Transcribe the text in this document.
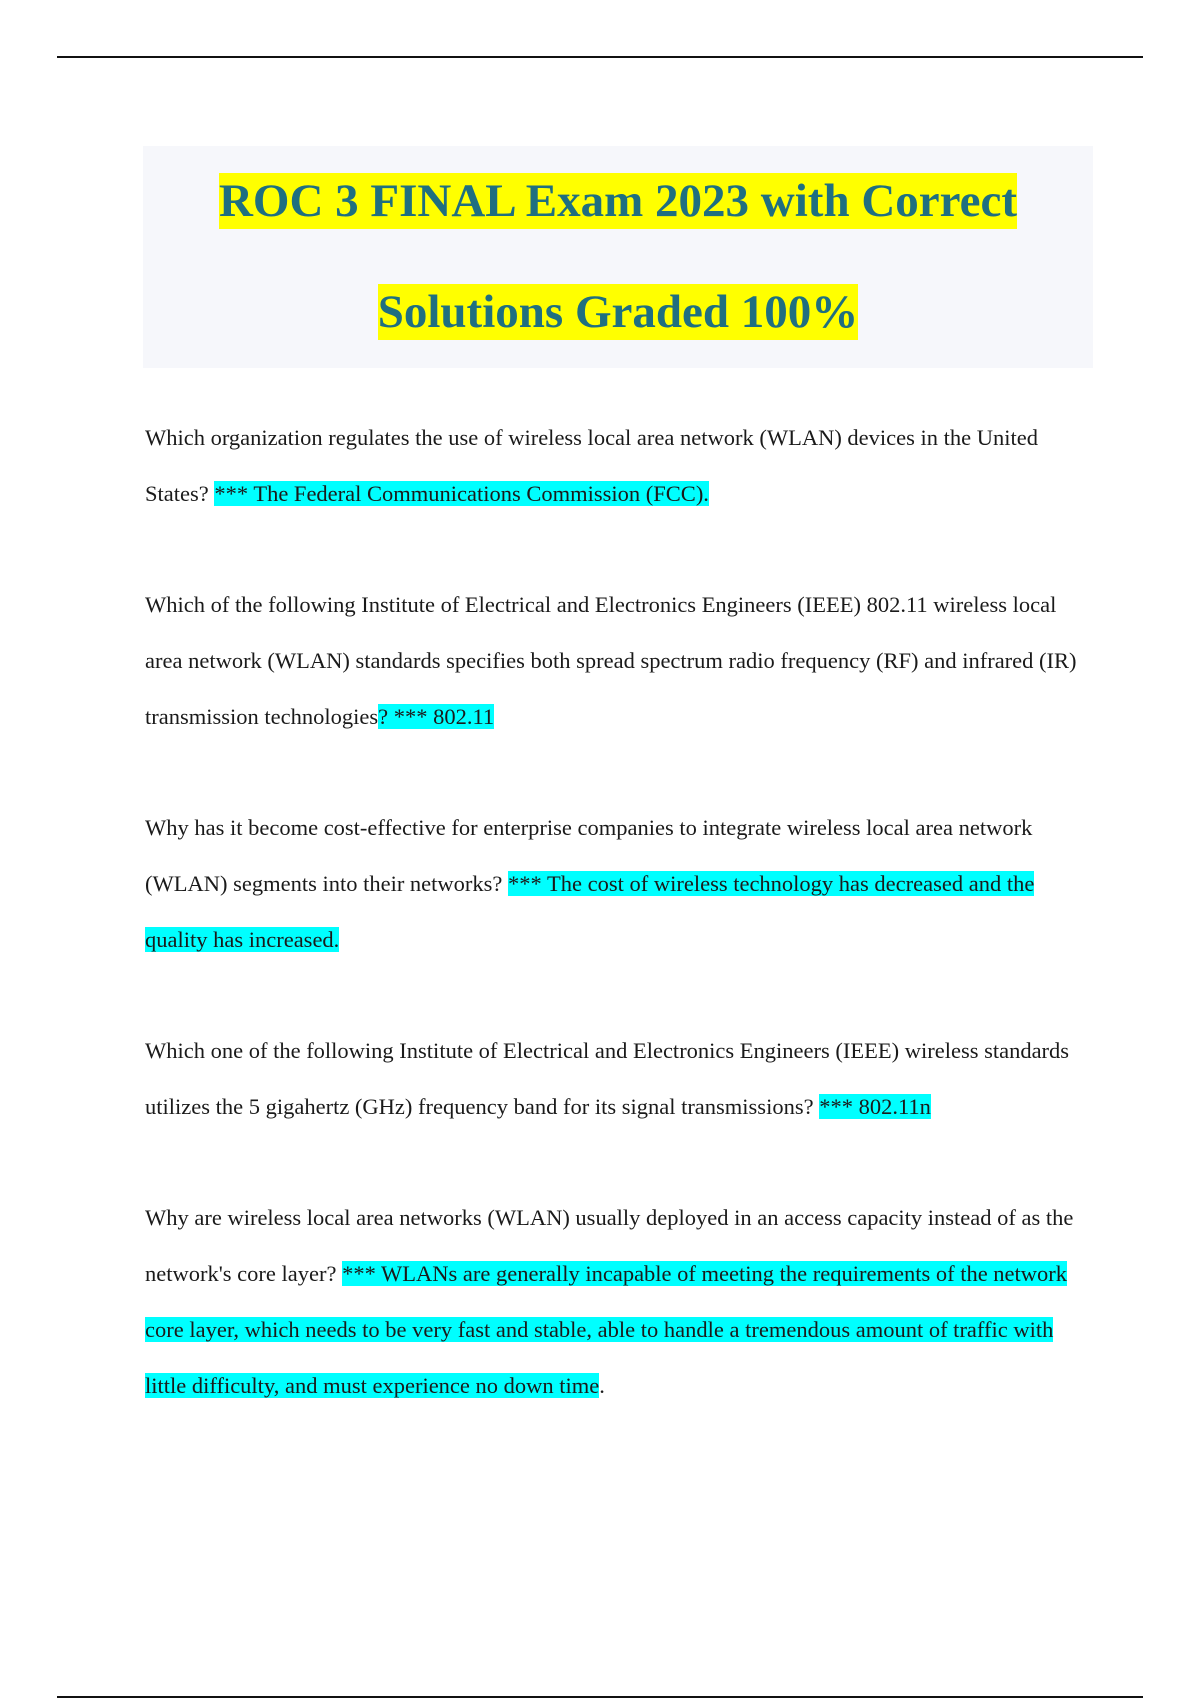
ROC 3 FINAL Exam 2023 with Correct
Solutions Graded 100%

Which organization regulates the use of wireless local area network (WLAN) devices in the United States? *** The Federal Communications Commission (FCC).

Which of the following Institute of Electrical and Electronics Engineers (IEEE) 802.11 wireless local area network (WLAN) standards specifies both spread spectrum radio frequency (RF) and infrared (IR) transmission technologies? *** 802.11

Why has it become cost-effective for enterprise companies to integrate wireless local area network (WLAN) segments into their networks? *** The cost of wireless technology has decreased and the quality has increased.

Which one of the following Institute of Electrical and Electronics Engineers (IEEE) wireless standards utilizes the 5 gigahertz (GHz) frequency band for its signal transmissions? *** 802.11n

Why are wireless local area networks (WLAN) usually deployed in an access capacity instead of as the network's core layer? *** WLANs are generally incapable of meeting the requirements of the network core layer, which needs to be very fast and stable, able to handle a tremendous amount of traffic with little difficulty, and must experience no down time.
